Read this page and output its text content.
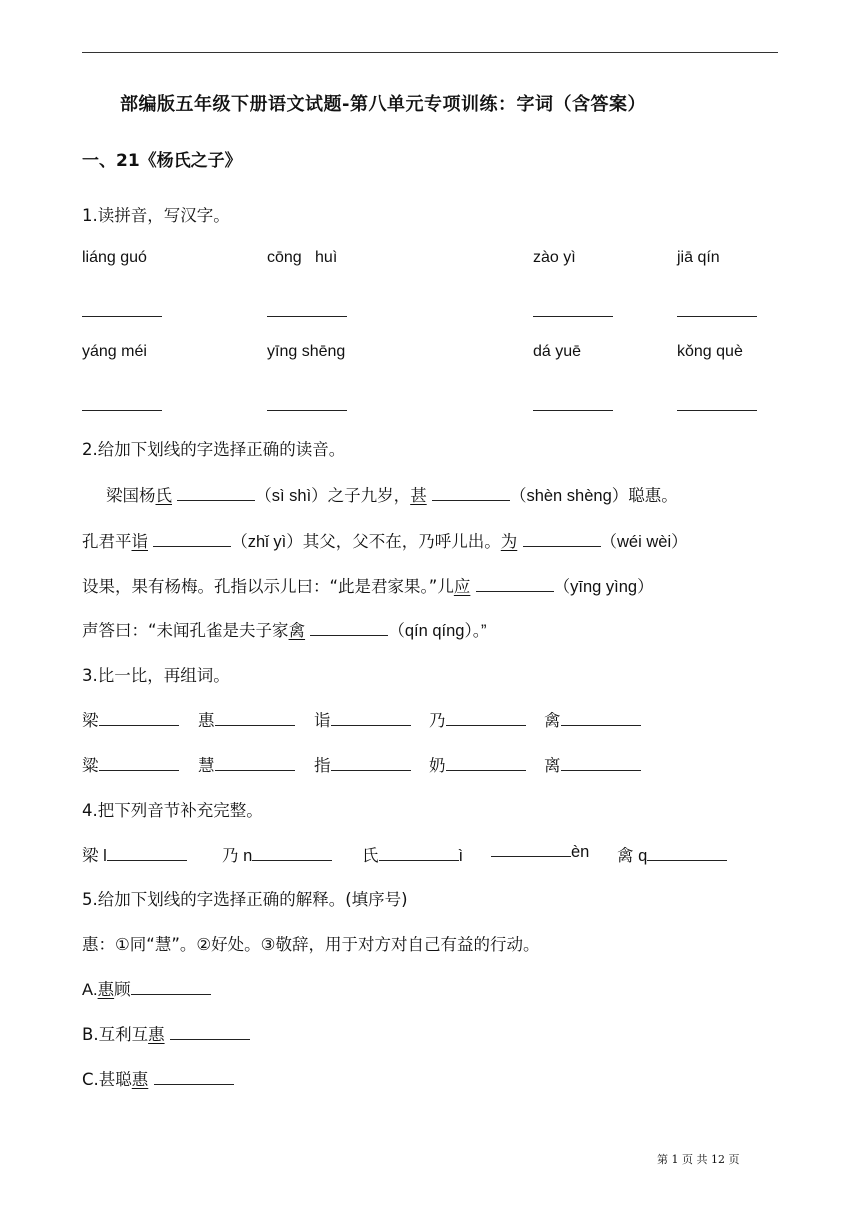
部编版五年级下册语文试题-第八单元专项训练：字词（含答案）
一、21《杨氏之子》
1.读拼音，写汉字。
liáng guó	cōng   huì	zào yì	jiā qín
yáng méi	yīng shēng	dá yuē	kǒng què
2.给加下划线的字选择正确的读音。
梁国杨氏	（sì shì）之子九岁，甚	（shèn shèng）聪惠。
孔君平诣	（zhǐ yì）其父，父不在，乃呼儿出。为	（wéi wèi）
设果，果有杨梅。孔指以示儿曰：“此是君家果。”儿应	（yīng yìng）
声答曰：“未闻孔雀是夫子家禽	（qín qíng）。”
3.比一比，再组词。
梁	惠	诣	乃	禽
粱	慧	指	奶	离
4.把下列音节补充完整。
梁 l	乃 n	氏	ì	èn 禽 q
5.给加下划线的字选择正确的解释。(填序号)
惠：①同“慧”。②好处。③敬辞，用于对方对自己有益的行动。
A.惠顾
B.互利互惠
C.甚聪惠
第 1 页 共 12 页
